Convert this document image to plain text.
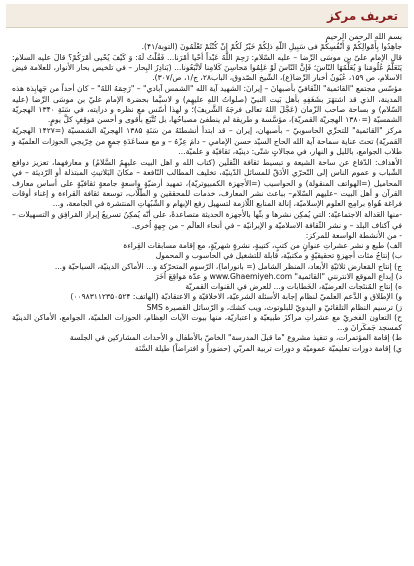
تعريف مركز

بسم الله الرحمن الرحيم

جاهِدُوا بِأَمْوالِكُمْ وَ أَنْفُسِكُمْ فى سَبِيلِ اللّهِ ذلِكُمْ خَيْرٌ لَكُمْ إِنْ كُنْتُمْ تَعْلَمُونَ (التوبة/۴۱).

قال الإمام علىّ بن موسَى الرِّضا – عليه السّلام: رَحِمَ اللّهُ عَبْداً أحْيا أمْرَنا... فَقُلْتُ لَهُ: وَ كَيْفَ يُحْيى أمْرَكُمْ؟ قالَ عليه السلام: يَتَعَلَّمُ عُلُومَنا وَ يُعَلِّمُهَا النّاسَ؛ فَإنَّ النّاسَ لَوْ عَلِمُوا مَحاسِنَ كَلامِنا لَاتَّبَعُونا... (بَنادِرُ البِحار – في تلخيص بحار الأنوار، للعلامة فيض الاسلام، ص ۱۵۹، عُيُونُ أخبار الرِّضا(ع)، الشّيخ الصّدوق، الباب۲۸، ج/۱، ص/۳۰۷).

مؤسّس مجتمع "القائمية" الثّقافيّ بأصبهانَ – إيرانَ: الشهيد آية الله "الشمس آبادي" – "رَحِمَهُ اللهُ" – كان أحداً من جَهابِذة هذه المدينة، الذي قد اشتهَرَ بشَغَفِهِ بأهل بَيت النبيّ (صلواتُ اللهِ عليهِم) و لاسيَّما بحضرة الإمام عليّ بن موسَى الرِّضا (عليه السّلام) و بساحة صاحب الزّمان (عَجَّلَ اللهُ تعالى فرجَهُ الشَّريفَ)؛ و لهذا أسّس مع نظره و درايته، في سَنَةِ ۱۳۴۰ الهجريّة الشمسيّة (=۱۳۸۰ الهجريّة القمريّة)، مؤسَّسة و طريقة لم ينطفئ مصباحُها، بل تُتَّبَع بأقوى و أحسن مَوقِفٍ كلَّ يومٍ.

مركز "القائمية" للتحرِّي الحاسوبيّ – بأصبهان، إيران – قد ابتدأ أنشطتَهُ من سَنَةِ ۱۳۸۵ الهجريّة الشمسيّة (=۱۴۲۷ الهجريّة القمريّة) تحتَ عناية سماحة آية الله الحاج السيّد حسن الإمامي – دامَ عِزّهُ – و مع مساعَدَةِ جمعٍ من خِرّيجي الحوزات العلميّة و طلاب الجوامع، بالليل و النهار، في مجالاتٍ شتّى: دينيّة، ثقافيّة و علميّة...

الأهداف: الدّفاع عن ساحة الشيعة و تبسيط ثقافة الثّقلَين (كتاب الله و اهل البيت عليهِمُ السَّلامُ) و معارفهما، تعزيز دوافع الشّباب و عموم الناس إلى التّحرّي الأدَقّ للمسائل الدّينيّة، تخليف المطالب النّافعة – مكانَ البَلاتيثِ المبتذلة أو الرّديئة – في المحاميل (=الهواتف المنقولة) و الحواسيب (=الأجهزة الكمبيوتريّة)، تمهيد أرضيّةٍ واسعةٍ جامعةٍ ثقافيّةٍ على أساس معارف القرآن و أهل البيت –عليهم السّلام– بباعث نشر المعارف، خدمات للمحققين و الطّلّاب، توسعة ثقافة القراءة و إغناء أوقات فراغة هُواةِ برامِج العلوم الإسلاميّة، إنالة المنابع اللّازمة لتسهيل رفع الإبهام و الشّبُهاتِ المنتشرة في الجامعة، و...

-منها العَدالة الاجتماعيّة: التي يُمكِن نشرها و بثّها بالأجهزة الحديثة متصاعدةً، على أنّه يُمكِنُ تسريعُ إبراز المَرافِق و التسهيلات –في آكناف البلد – و نشر الثّقافة الاسلاميّة و الإيرانيّة – في أنحاء العالَم – من جِهةٍ اُخرى.

- من الأنشطة الواسعة للمركز:

الف) طبع و نشر عشراتِ عنوانٍ من كتبٍ، كتيبةٍ، نشرةٍ شهريّةٍ، مع إقامة مسابقات القِراءة

ب) إنتاجُ مئات أجهزةٍ تحقيقيّةٍ و مكتبيّة، قابلة للتشغيل في الحاسوب و المحمول

ج) إنتاج المَعارض ثلاثيّةِ الأبعاد، المنظر الشامل (= بانوراما)، الرّسوم المتحرّكة و... الأماكن الدينيّة، السياحيّة و...

د) إبداع الموقع الانترنتي "القائمية" www.Ghaemiyeh.com و عدّة مَواقِعَ اُخَرَ

ه) إنتاج المُنتَجات العرضيّة، الخَطابات و... للعرض في القنوات القمريّة

و) الإطلاق و الدَّعم العلميّ لنظام إجابة الأسئلة الشرعيّة، الاخلاقيّة و الاعتقاديّة (الهاتف: ۰۰۹۸۳۱۱۲۳۵۰۵۲۴)

ز) ترسيم النظام التلقائيّ و اليدويّ للبلوتوث، ويب كشك، و الرّسائل القصيرة SMS

ح) التعاون الفخريّ مع عشراتِ مراكزَ طبيعيّة و اعتباريّة، منها بيوت الآيات العِظام، الحوزات العلميّة، الجوامع، الأماكن الدينيّة كمسجد جَمكَرانَ و...

ط) إقامة المؤتمرات، و تنفيذ مشروع "ما قبلَ المدرسة" الخاصّ بالأطفال و الأحداث المشاركين في الجلسة

ي) إقامة دورات تعليميّة عموميّة و دورات تربية المربّي (حضوراً و افتراضاً) طيلة السَّنَة
